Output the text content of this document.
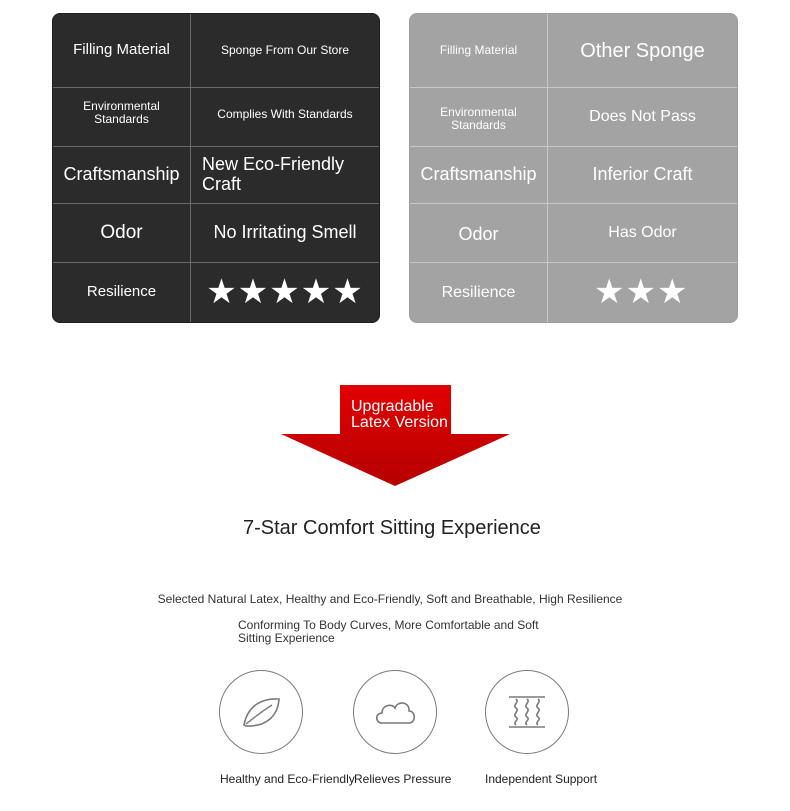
Filling Material	Sponge From Our Store
Environmental Standards	Complies With Standards
Craftsmanship	New Eco-Friendly Craft
Odor	No Irritating Smell
Resilience	★★★★★
Filling Material	Other Sponge
Environmental Standards	Does Not Pass
Craftsmanship	Inferior Craft
Odor	Has Odor
Resilience	★★★
Upgradable Latex Version
7-Star Comfort Sitting Experience
Selected Natural Latex, Healthy and Eco-Friendly, Soft and Breathable, High Resilience
Conforming To Body Curves, More Comfortable and Soft Sitting Experience
Healthy and Eco-Friendly Relieves Pressure	Independent Support
